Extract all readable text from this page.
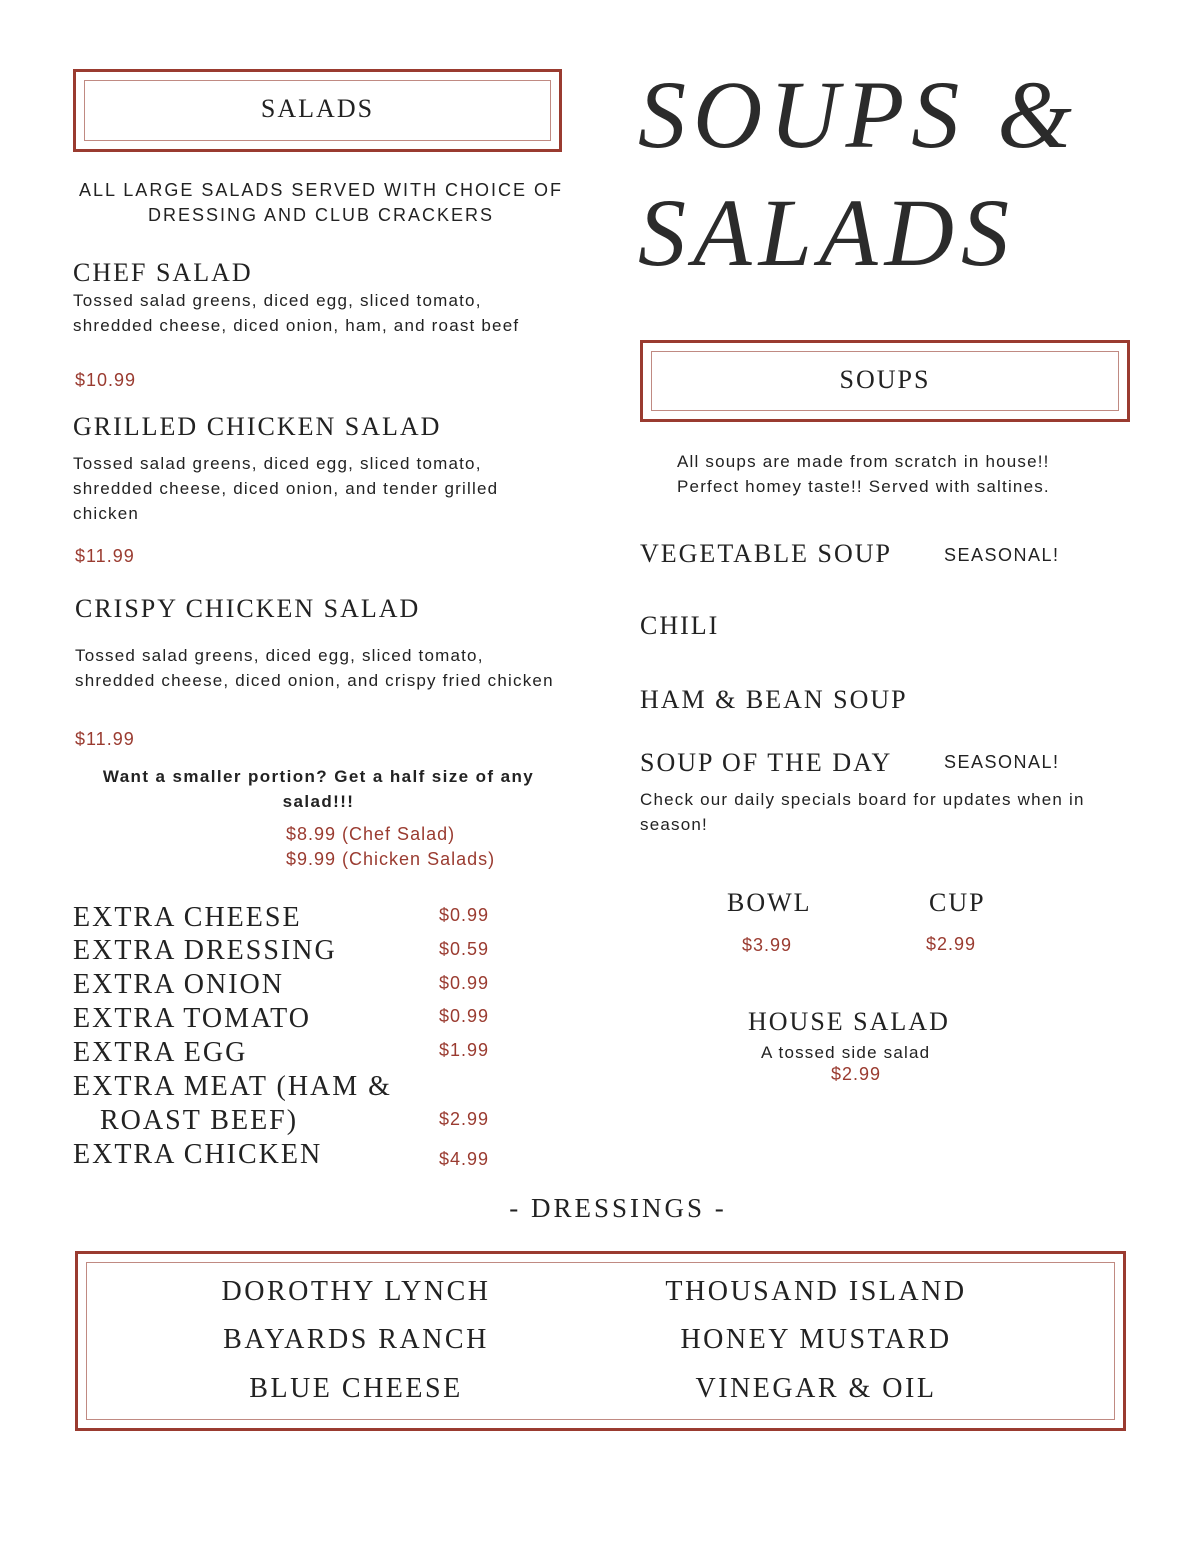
SALADS
ALL LARGE SALADS SERVED WITH CHOICE OF DRESSING AND CLUB CRACKERS
CHEF SALAD
Tossed salad greens, diced egg, sliced tomato, shredded cheese, diced onion, ham, and roast beef
$10.99
GRILLED CHICKEN SALAD
Tossed salad greens, diced egg, sliced tomato, shredded cheese, diced onion, and tender grilled chicken
$11.99
CRISPY CHICKEN SALAD
Tossed salad greens, diced egg, sliced tomato, shredded cheese, diced onion, and crispy fried chicken
$11.99
Want a smaller portion? Get a half size of any salad!!!
$8.99 (Chef Salad)
$9.99 (Chicken Salads)
EXTRA CHEESE	$0.99
EXTRA DRESSING	$0.59
EXTRA ONION	$0.99
EXTRA TOMATO	$0.99
EXTRA EGG	$1.99
EXTRA MEAT (HAM &
ROAST BEEF)	$2.99
EXTRA CHICKEN	$4.99
SOUPS &
SALADS
SOUPS
All soups are made from scratch in house!!
Perfect homey taste!! Served with saltines.
VEGETABLE SOUP	SEASONAL!
CHILI
HAM & BEAN SOUP
SOUP OF THE DAY	SEASONAL!
Check our daily specials board for updates when in season!
BOWL
$3.99
CUP
$2.99
HOUSE SALAD
A tossed side salad
$2.99
- DRESSINGS -
DOROTHY LYNCH	THOUSAND ISLAND
BAYARDS RANCH	HONEY MUSTARD
BLUE CHEESE	VINEGAR & OIL
